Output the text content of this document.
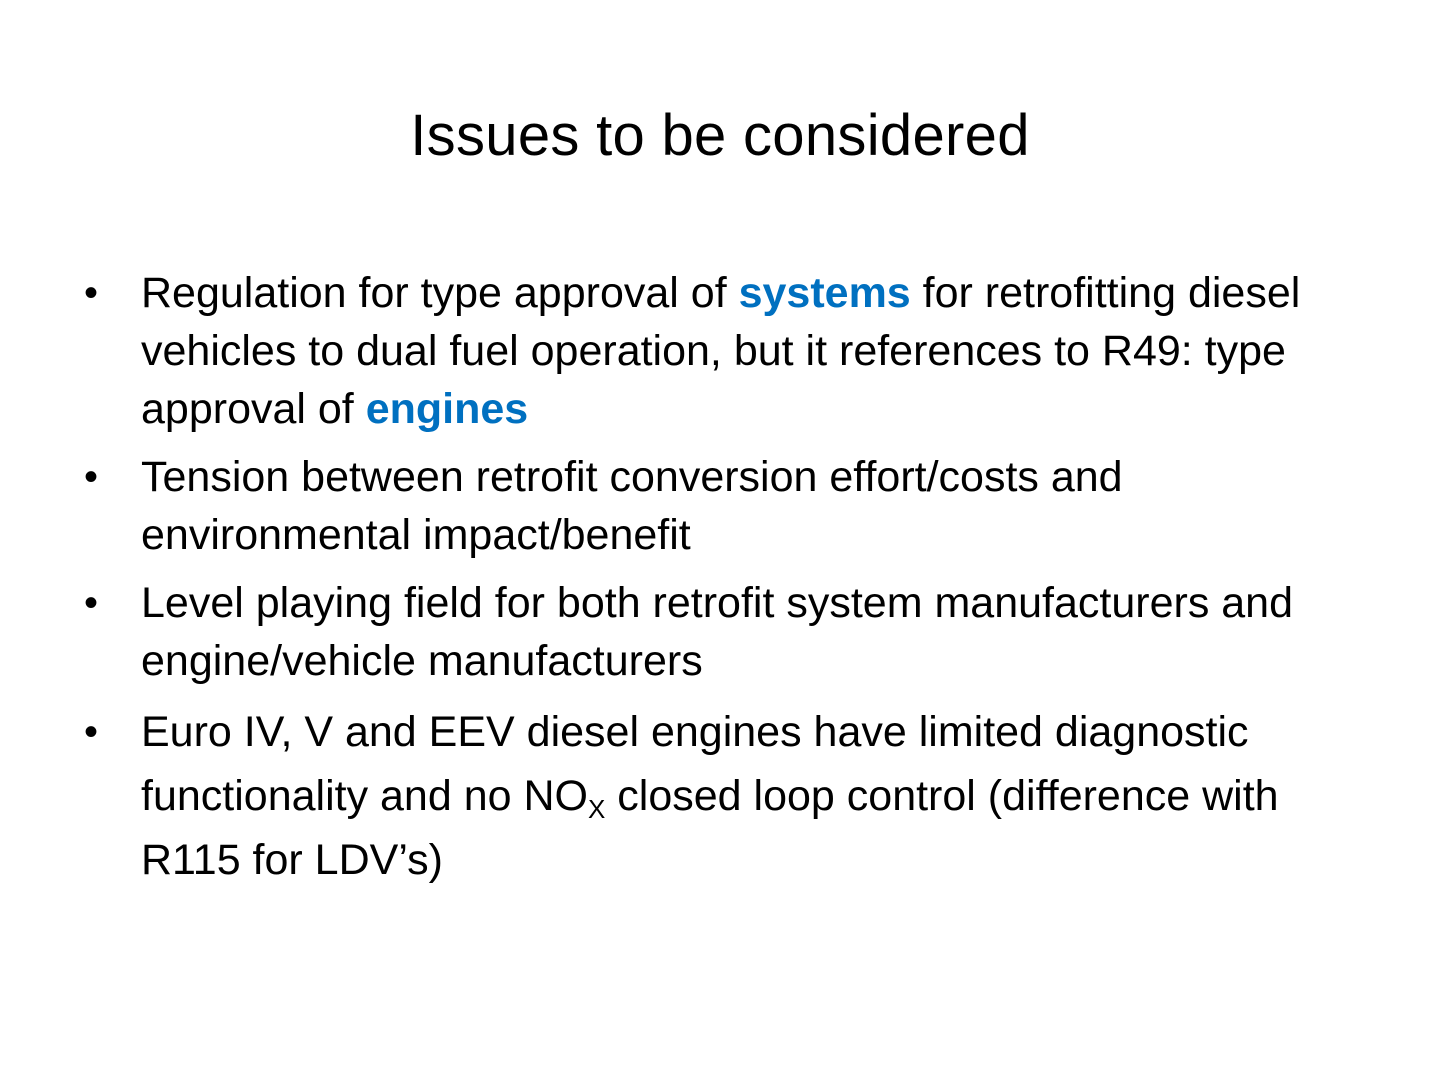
Issues to be considered
• Regulation for type approval of systems for retrofitting diesel vehicles to dual fuel operation, but it references to R49: type approval of engines
• Tension between retrofit conversion effort/costs and environmental impact/benefit
• Level playing field for both retrofit system manufacturers and engine/vehicle manufacturers
• Euro IV, V and EEV diesel engines have limited diagnostic functionality and no $NO_X$ closed loop control (difference with R115 for LDV’s)
